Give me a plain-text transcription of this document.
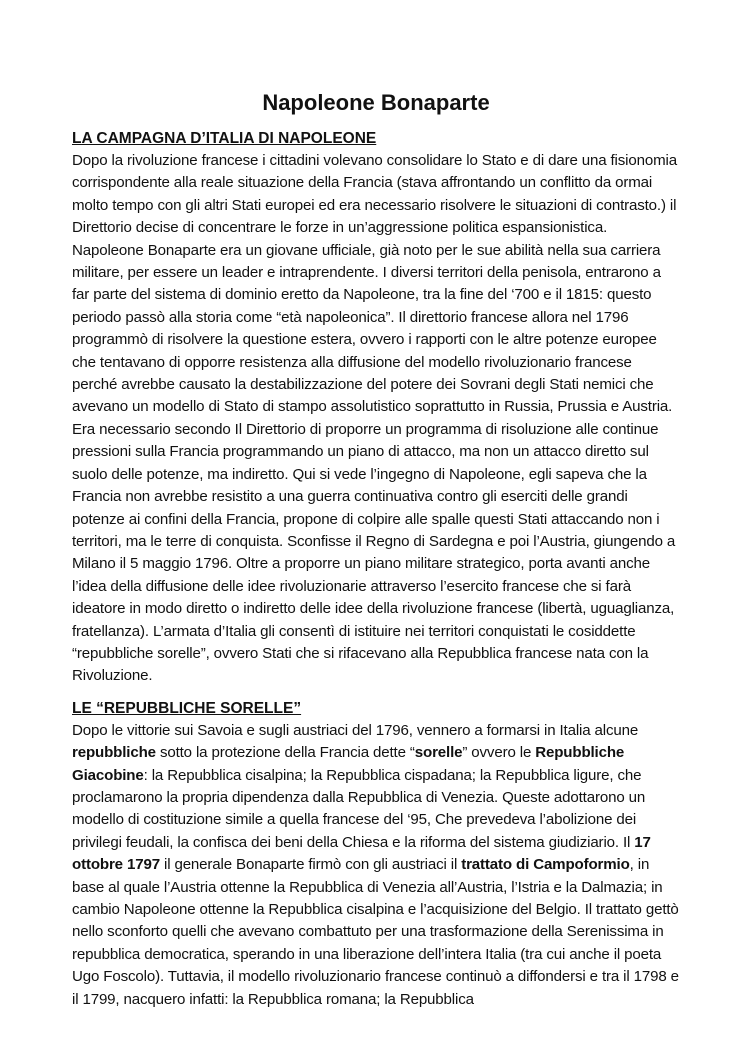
Napoleone Bonaparte
LA CAMPAGNA D’ITALIA DI NAPOLEONE

Dopo la rivoluzione francese i cittadini volevano consolidare lo Stato e di dare una fisionomia corrispondente alla reale situazione della Francia (stava affrontando un conflitto da ormai molto tempo con gli altri Stati europei ed era necessario risolvere le situazioni di contrasto.) il Direttorio decise di concentrare le forze in un’aggressione politica espansionistica. Napoleone Bonaparte era un giovane ufficiale, già noto per le sue abilità nella sua carriera militare, per essere un leader e intraprendente. I diversi territori della penisola, entrarono a far parte del sistema di dominio eretto da Napoleone, tra la fine del ‘700 e il 1815: questo periodo passò alla storia come “età napoleonica”. Il direttorio francese allora nel 1796 programmò di risolvere la questione estera, ovvero i rapporti con le altre potenze europee che tentavano di opporre resistenza alla diffusione del modello rivoluzionario francese perché avrebbe causato la destabilizzazione del potere dei Sovrani degli Stati nemici che avevano un modello di Stato di stampo assolutistico soprattutto in Russia, Prussia e Austria. Era necessario secondo Il Direttorio di proporre un programma di risoluzione alle continue pressioni sulla Francia programmando un piano di attacco, ma non un attacco diretto sul suolo delle potenze, ma indiretto. Qui si vede l’ingegno di Napoleone, egli sapeva che la Francia non avrebbe resistito a una guerra continuativa contro gli eserciti delle grandi potenze ai confini della Francia, propone di colpire alle spalle questi Stati attaccando non i territori, ma le terre di conquista. Sconfisse il Regno di Sardegna e poi l’Austria, giungendo a Milano il 5 maggio 1796. Oltre a proporre un piano militare strategico, porta avanti anche l’idea della diffusione delle idee rivoluzionarie attraverso l’esercito francese che si farà ideatore in modo diretto o indiretto delle idee della rivoluzione francese (libertà, uguaglianza, fratellanza). L’armata d’Italia gli consentì di istituire nei territori conquistati le cosiddette “repubbliche sorelle”, ovvero Stati che si rifacevano alla Repubblica francese nata con la Rivoluzione.

LE “REPUBBLICHE SORELLE”

Dopo le vittorie sui Savoia e sugli austriaci del 1796, vennero a formarsi in Italia alcune repubbliche sotto la protezione della Francia dette “sorelle” ovvero le Repubbliche Giacobine: la Repubblica cisalpina; la Repubblica cispadana; la Repubblica ligure, che proclamarono la propria dipendenza dalla Repubblica di Venezia. Queste adottarono un modello di costituzione simile a quella francese del ‘95, Che prevedeva l’abolizione dei privilegi feudali, la confisca dei beni della Chiesa e la riforma del sistema giudiziario. Il 17 ottobre 1797 il generale Bonaparte firmò con gli austriaci il trattato di Campoformio, in base al quale l’Austria ottenne la Repubblica di Venezia all’Austria, l’Istria e la Dalmazia; in cambio Napoleone ottenne la Repubblica cisalpina e l’acquisizione del Belgio. Il trattato gettò nello sconforto quelli che avevano combattuto per una trasformazione della Serenissima in repubblica democratica, sperando in una liberazione dell’intera Italia (tra cui anche il poeta Ugo Foscolo). Tuttavia, il modello rivoluzionario francese continuò a diffondersi e tra il 1798 e il 1799, nacquero infatti: la Repubblica romana; la Repubblica
